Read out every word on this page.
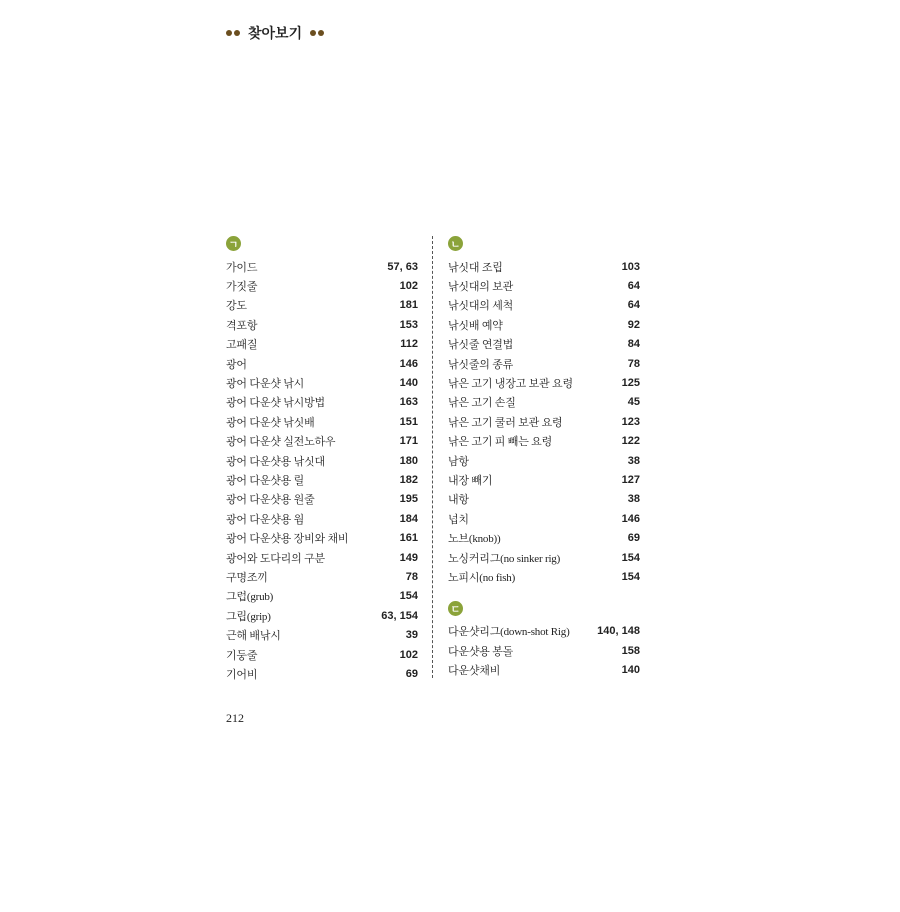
찾아보기
ㄱ
가이드	57, 63
가짓줄	102
강도	181
격포항	153
고패질	112
광어	146
광어 다운샷 낚시	140
광어 다운샷 낚시방법	163
광어 다운샷 낚싯배	151
광어 다운샷 실전노하우	171
광어 다운샷용 낚싯대	180
광어 다운샷용 릴	182
광어 다운샷용 원줄	195
광어 다운샷용 웜	184
광어 다운샷용 장비와 채비	161
광어와 도다리의 구분	149
구명조끼	78
그럽(grub)	154
그립(grip)	63, 154
근해 배낚시	39
기둥줄	102
기어비	69
ㄴ
낚싯대 조립	103
낚싯대의 보관	64
낚싯대의 세척	64
낚싯배 예약	92
낚싯줄 연결법	84
낚싯줄의 종류	78
낚은 고기 냉장고 보관 요령	125
낚은 고기 손질	45
낚은 고기 쿨러 보관 요령	123
낚은 고기 피 빼는 요령	122
남항	38
내장 빼기	127
내항	38
넙치	146
노브(knob))	69
노싱커리그(no sinker rig)	154
노피시(no fish)	154
ㄷ
다운샷리그(down-shot Rig)	140, 148
다운샷용 봉돌	158
다운샷채비	140
212
